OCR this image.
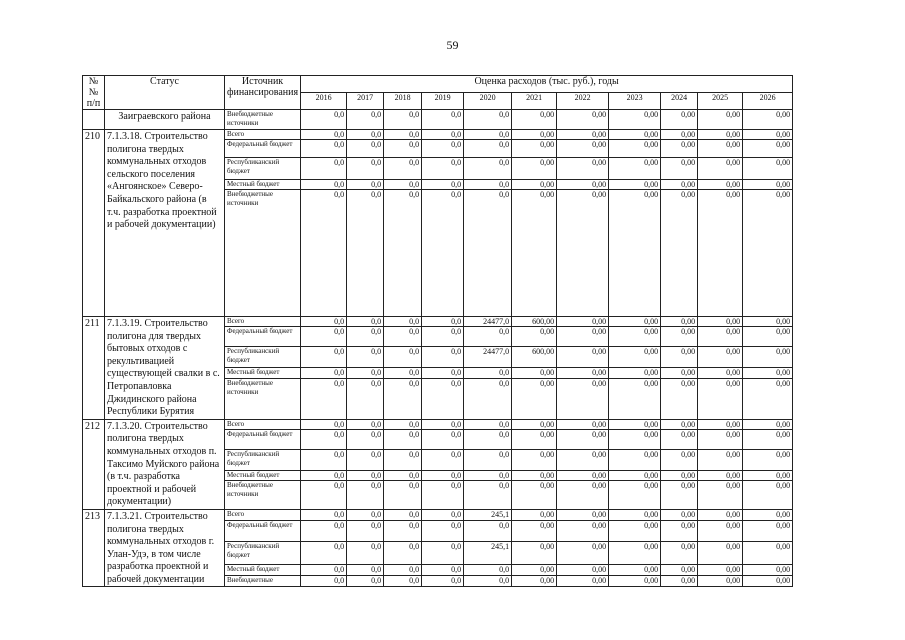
59
№ № п/п	Статус	Источник финансирования	Оценка расходов (тыс. руб.), годы										
			2016	2017	2018	2019	2020	2021	2022	2023	2024	2025	2026
	Заиграевского района	Внебюджетные источники	0,0	0,0	0,0	0,0	0,0	0,00	0,00	0,00	0,00	0,00	0,00
210	7.1.3.18. Строительство полигона твердых коммунальных отходов сельского поселения «Ангоянское» Северо-Байкальского района (в т.ч. разработка проектной и рабочей документации)	Всего	0,0	0,0	0,0	0,0	0,0	0,00	0,00	0,00	0,00	0,00	0,00
		Федеральный бюджет	0,0	0,0	0,0	0,0	0,0	0,00	0,00	0,00	0,00	0,00	0,00
		Республиканский бюджет	0,0	0,0	0,0	0,0	0,0	0,00	0,00	0,00	0,00	0,00	0,00
		Местный бюджет	0,0	0,0	0,0	0,0	0,0	0,00	0,00	0,00	0,00	0,00	0,00
		Внебюджетные источники	0,0	0,0	0,0	0,0	0,0	0,00	0,00	0,00	0,00	0,00	0,00
211	7.1.3.19. Строительство полигона для твердых бытовых отходов с рекультивацией существующей свалки в с. Петропавловка Джидинского района Республики Бурятия	Всего	0,0	0,0	0,0	0,0	24477,0	600,00	0,00	0,00	0,00	0,00	0,00
		Федеральный бюджет	0,0	0,0	0,0	0,0	0,0	0,00	0,00	0,00	0,00	0,00	0,00
		Республиканский бюджет	0,0	0,0	0,0	0,0	24477,0	600,00	0,00	0,00	0,00	0,00	0,00
		Местный бюджет	0,0	0,0	0,0	0,0	0,0	0,00	0,00	0,00	0,00	0,00	0,00
		Внебюджетные источники	0,0	0,0	0,0	0,0	0,0	0,00	0,00	0,00	0,00	0,00	0,00
212	7.1.3.20. Строительство полигона твердых коммунальных отходов п. Таксимо Муйского района (в т.ч. разработка проектной и рабочей документации)	Всего	0,0	0,0	0,0	0,0	0,0	0,00	0,00	0,00	0,00	0,00	0,00
		Федеральный бюджет	0,0	0,0	0,0	0,0	0,0	0,00	0,00	0,00	0,00	0,00	0,00
		Республиканский бюджет	0,0	0,0	0,0	0,0	0,0	0,00	0,00	0,00	0,00	0,00	0,00
		Местный бюджет	0,0	0,0	0,0	0,0	0,0	0,00	0,00	0,00	0,00	0,00	0,00
		Внебюджетные источники	0,0	0,0	0,0	0,0	0,0	0,00	0,00	0,00	0,00	0,00	0,00
213	7.1.3.21. Строительство полигона твердых коммунальных отходов г. Улан-Удэ, в том числе разработка проектной и рабочей документации	Всего	0,0	0,0	0,0	0,0	245,1	0,00	0,00	0,00	0,00	0,00	0,00
		Федеральный бюджет	0,0	0,0	0,0	0,0	0,0	0,00	0,00	0,00	0,00	0,00	0,00
		Республиканский бюджет	0,0	0,0	0,0	0,0	245,1	0,00	0,00	0,00	0,00	0,00	0,00
		Местный бюджет	0,0	0,0	0,0	0,0	0,0	0,00	0,00	0,00	0,00	0,00	0,00
		Внебюджетные	0,0	0,0	0,0	0,0	0,0	0,00	0,00	0,00	0,00	0,00	0,00
